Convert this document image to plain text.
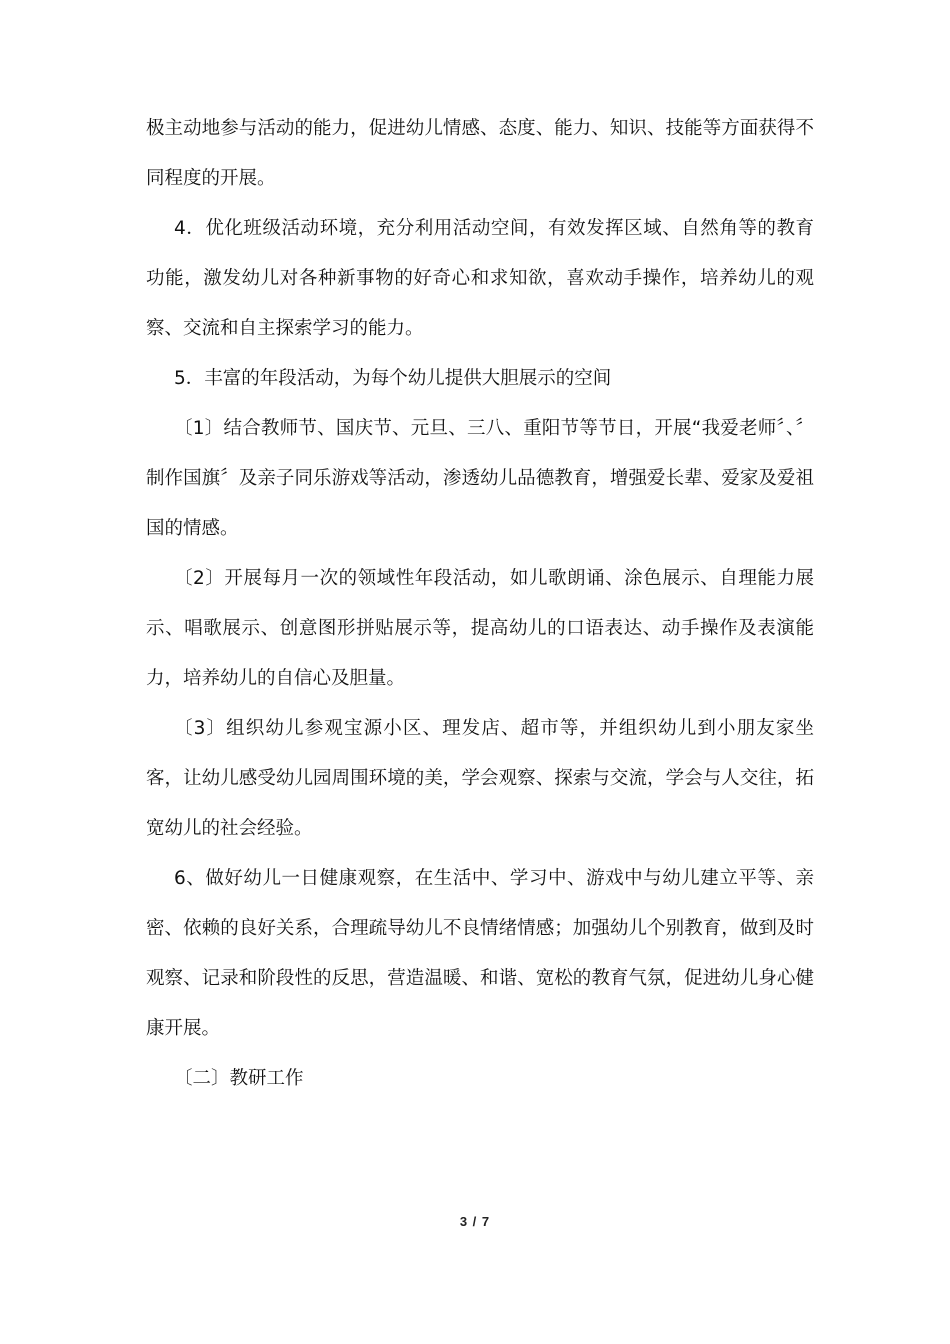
极主动地参与活动的能力，促进幼儿情感、态度、能力、知识、技能等方面获得不同程度的开展。

4．优化班级活动环境，充分利用活动空间，有效发挥区域、自然角等的教育功能，激发幼儿对各种新事物的好奇心和求知欲，喜欢动手操作，培养幼儿的观察、交流和自主探索学习的能力。

5．丰富的年段活动，为每个幼儿提供大胆展示的空间

〔1〕结合教师节、国庆节、元旦、三八、重阳节等节日，开展“我爱老师〞、〞制作国旗〞及亲子同乐游戏等活动，渗透幼儿品德教育，增强爱长辈、爱家及爱祖国的情感。

〔2〕开展每月一次的领域性年段活动，如儿歌朗诵、涂色展示、自理能力展示、唱歌展示、创意图形拼贴展示等，提高幼儿的口语表达、动手操作及表演能力，培养幼儿的自信心及胆量。

〔3〕组织幼儿参观宝源小区、理发店、超市等，并组织幼儿到小朋友家坐客，让幼儿感受幼儿园周围环境的美，学会观察、探索与交流，学会与人交往，拓宽幼儿的社会经验。

6、做好幼儿一日健康观察，在生活中、学习中、游戏中与幼儿建立平等、亲密、依赖的良好关系，合理疏导幼儿不良情绪情感；加强幼儿个别教育，做到及时观察、记录和阶段性的反思，营造温暖、和谐、宽松的教育气氛，促进幼儿身心健康开展。

〔二〕教研工作

3 / 7
